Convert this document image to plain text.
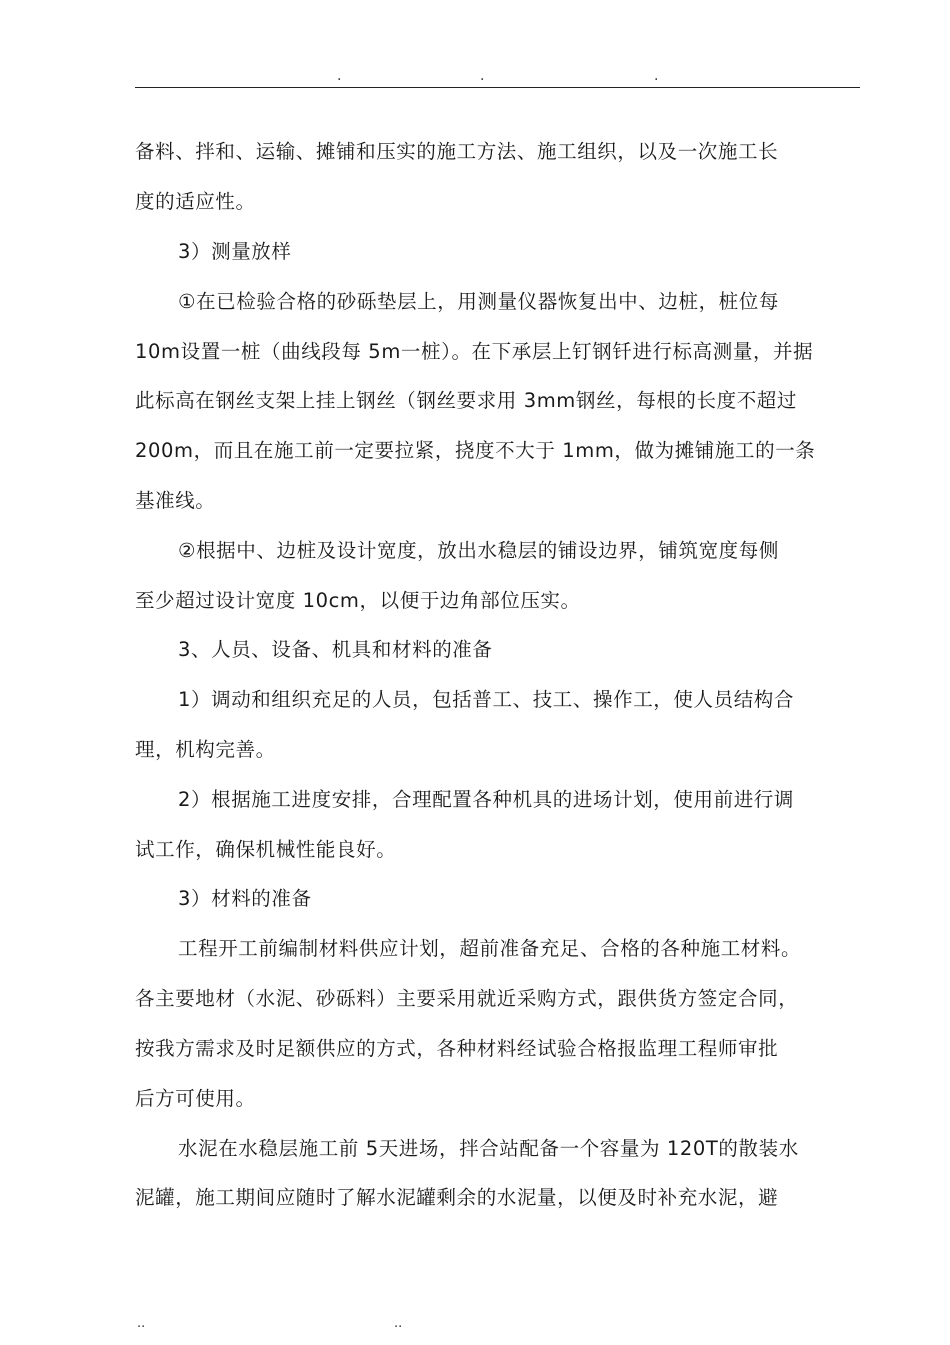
.	.	.
备料、拌和、运输、摊铺和压实的施工方法、施工组织，以及一次施工长
度的适应性。
3）测量放样
①在已检验合格的砂砾垫层上，用测量仪器恢复出中、边桩，桩位每
10m设置一桩（曲线段每 5m一桩）。在下承层上钉钢钎进行标高测量，并据
此标高在钢丝支架上挂上钢丝（钢丝要求用 3mm钢丝，每根的长度不超过
200m，而且在施工前一定要拉紧，挠度不大于 1mm，做为摊铺施工的一条
基准线。
②根据中、边桩及设计宽度，放出水稳层的铺设边界，铺筑宽度每侧
至少超过设计宽度 10cm，以便于边角部位压实。
3、人员、设备、机具和材料的准备
1）调动和组织充足的人员，包括普工、技工、操作工，使人员结构合
理，机构完善。
2）根据施工进度安排，合理配置各种机具的进场计划，使用前进行调
试工作，确保机械性能良好。
3）材料的准备
工程开工前编制材料供应计划，超前准备充足、合格的各种施工材料。
各主要地材（水泥、砂砾料）主要采用就近采购方式，跟供货方签定合同，
按我方需求及时足额供应的方式，各种材料经试验合格报监理工程师审批
后方可使用。
水泥在水稳层施工前 5天进场，拌合站配备一个容量为 120T的散装水
泥罐，施工期间应随时了解水泥罐剩余的水泥量，以便及时补充水泥，避
..	..
